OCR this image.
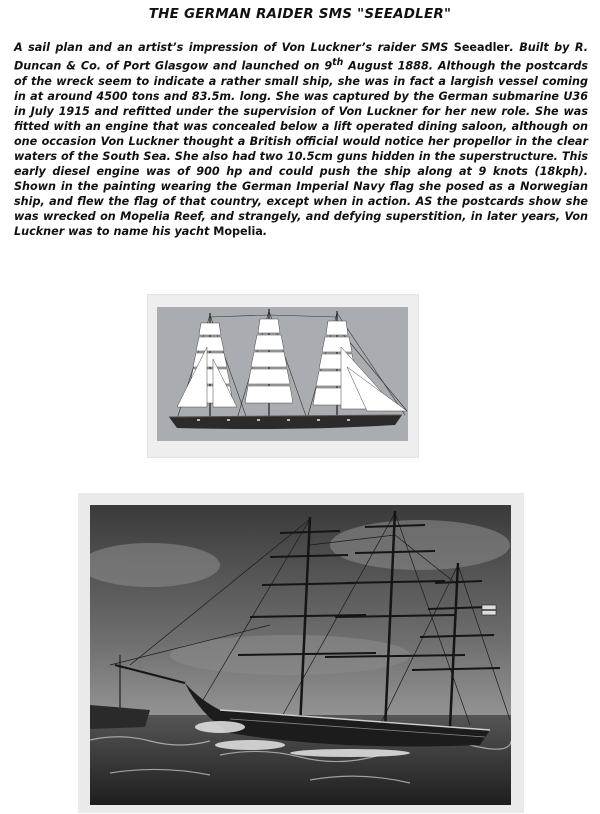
THE GERMAN RAIDER SMS "SEEADLER"
A sail plan and an artist’s impression of Von Luckner’s raider SMS Seeadler. Built by R. Duncan & Co. of Port Glasgow and launched on 9th August 1888. Although the postcards of the wreck seem to indicate a rather small ship, she was in fact a largish vessel coming in at around 4500 tons and 83.5m. long. She was captured by the German submarine U36 in July 1915 and refitted under the supervision of Von Luckner for her new role. She was fitted with an engine that was concealed below a lift operated dining saloon, although on one occasion Von Luckner thought a British official would notice her propellor in the clear waters of the South Sea. She also had two 10.5cm guns hidden in the superstructure. This early diesel engine was of 900 hp and could push the ship along at 9 knots (18kph). Shown in the painting wearing the German Imperial Navy flag she posed as a Norwegian ship, and flew the flag of that country, except when in action. AS the postcards show she was wrecked on Mopelia Reef, and strangely, and defying superstition, in later years, Von Luckner was to name his yacht Mopelia.
